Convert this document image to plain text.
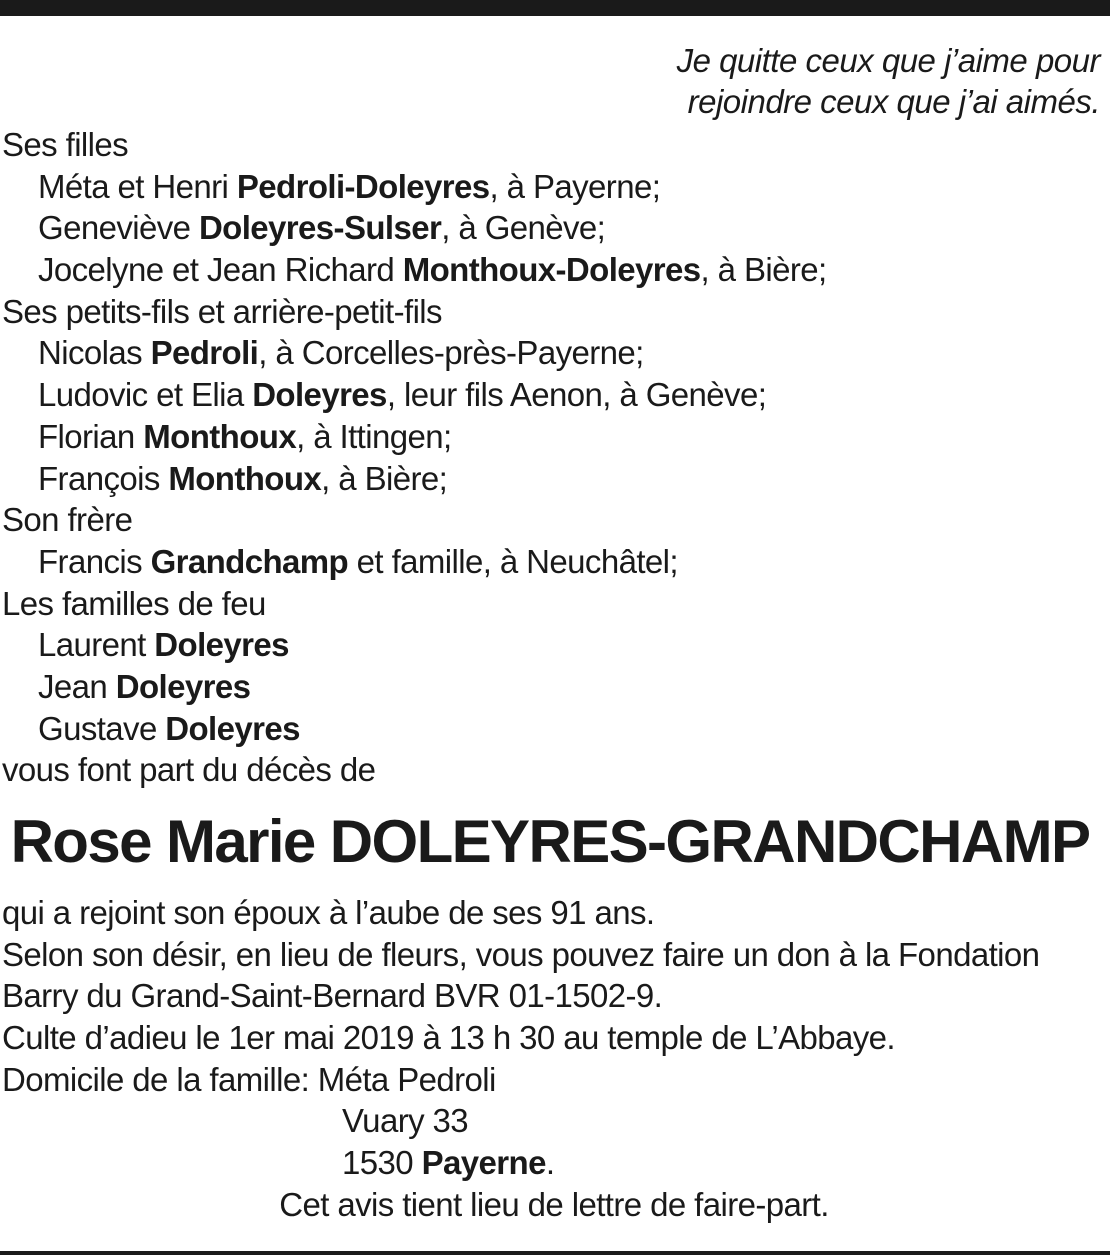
Je quitte ceux que j’aime pour
rejoindre ceux que j’ai aimés.
Ses filles
Méta et Henri Pedroli-Doleyres, à Payerne;
Geneviève Doleyres-Sulser, à Genève;
Jocelyne et Jean Richard Monthoux-Doleyres, à Bière;
Ses petits-fils et arrière-petit-fils
Nicolas Pedroli, à Corcelles-près-Payerne;
Ludovic et Elia Doleyres, leur fils Aenon, à Genève;
Florian Monthoux, à Ittingen;
François Monthoux, à Bière;
Son frère
Francis Grandchamp et famille, à Neuchâtel;
Les familles de feu
Laurent Doleyres
Jean Doleyres
Gustave Doleyres
vous font part du décès de
Rose Marie DOLEYRES-GRANDCHAMP
qui a rejoint son époux à l’aube de ses 91 ans.
Selon son désir, en lieu de fleurs, vous pouvez faire un don à la Fondation
Barry du Grand-Saint-Bernard BVR 01-1502-9.
Culte d’adieu le 1er mai 2019 à 13 h 30 au temple de L’Abbaye.
Domicile de la famille: Méta Pedroli
Vuary 33
1530 Payerne.
Cet avis tient lieu de lettre de faire-part.
